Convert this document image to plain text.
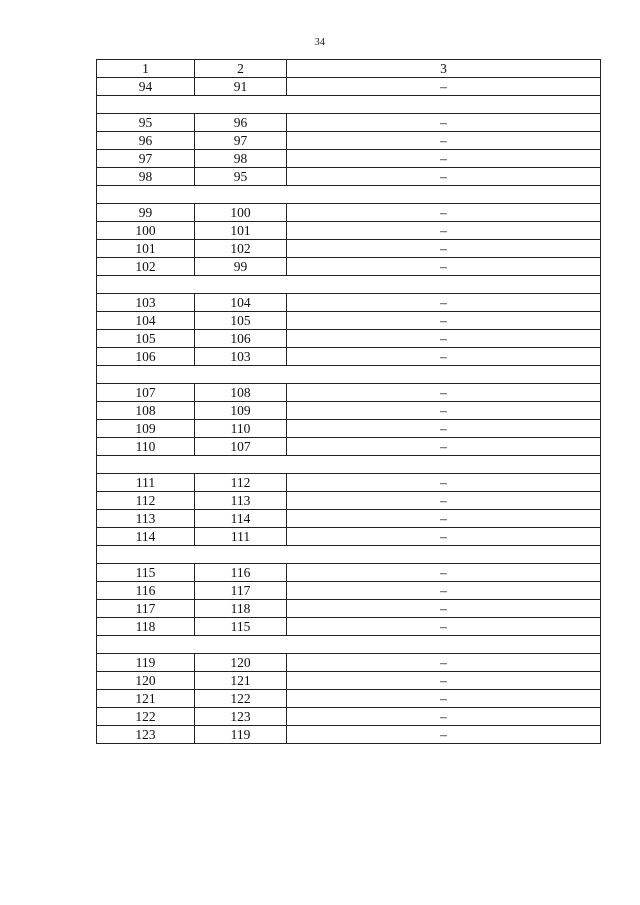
34
1	2	3
94	91	–

95	96	–
96	97	–
97	98	–
98	95	–

99	100	–
100	101	–
101	102	–
102	99	–

103	104	–
104	105	–
105	106	–
106	103	–

107	108	–
108	109	–
109	110	–
110	107	–

111	112	–
112	113	–
113	114	–
114	111	–

115	116	–
116	117	–
117	118	–
118	115	–

119	120	–
120	121	–
121	122	–
122	123	–
123	119	–
